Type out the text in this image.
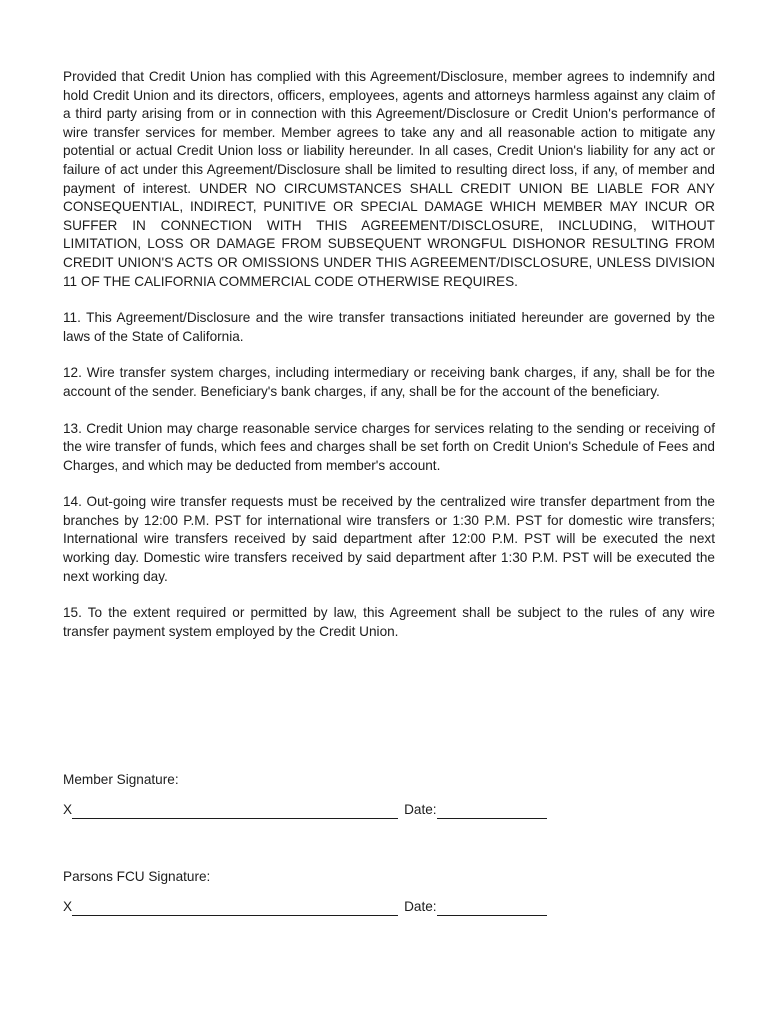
Provided that Credit Union has complied with this Agreement/Disclosure, member agrees to indemnify and hold Credit Union and its directors, officers, employees, agents and attorneys harmless against any claim of a third party arising from or in connection with this Agreement/Disclosure or Credit Union's performance of wire transfer services for member. Member agrees to take any and all reasonable action to mitigate any potential or actual Credit Union loss or liability hereunder. In all cases, Credit Union's liability for any act or failure of act under this Agreement/Disclosure shall be limited to resulting direct loss, if any, of member and payment of interest. UNDER NO CIRCUMSTANCES SHALL CREDIT UNION BE LIABLE FOR ANY CONSEQUENTIAL, INDIRECT, PUNITIVE OR SPECIAL DAMAGE WHICH MEMBER MAY INCUR OR SUFFER IN CONNECTION WITH THIS AGREEMENT/DISCLOSURE, INCLUDING, WITHOUT LIMITATION, LOSS OR DAMAGE FROM SUBSEQUENT WRONGFUL DISHONOR RESULTING FROM CREDIT UNION'S ACTS OR OMISSIONS UNDER THIS AGREEMENT/DISCLOSURE, UNLESS DIVISION 11 OF THE CALIFORNIA COMMERCIAL CODE OTHERWISE REQUIRES.

11. This Agreement/Disclosure and the wire transfer transactions initiated hereunder are governed by the laws of the State of California.

12. Wire transfer system charges, including intermediary or receiving bank charges, if any, shall be for the account of the sender. Beneficiary's bank charges, if any, shall be for the account of the beneficiary.

13. Credit Union may charge reasonable service charges for services relating to the sending or receiving of the wire transfer of funds, which fees and charges shall be set forth on Credit Union's Schedule of Fees and Charges, and which may be deducted from member's account.

14. Out-going wire transfer requests must be received by the centralized wire transfer department from the branches by 12:00 P.M. PST for international wire transfers or 1:30 P.M. PST for domestic wire transfers; International wire transfers received by said department after 12:00 P.M. PST will be executed the next working day. Domestic wire transfers received by said department after 1:30 P.M. PST will be executed the next working day.

15. To the extent required or permitted by law, this Agreement shall be subject to the rules of any wire transfer payment system employed by the Credit Union.

Member Signature:

X	Date:

Parsons FCU Signature:

X	Date:
